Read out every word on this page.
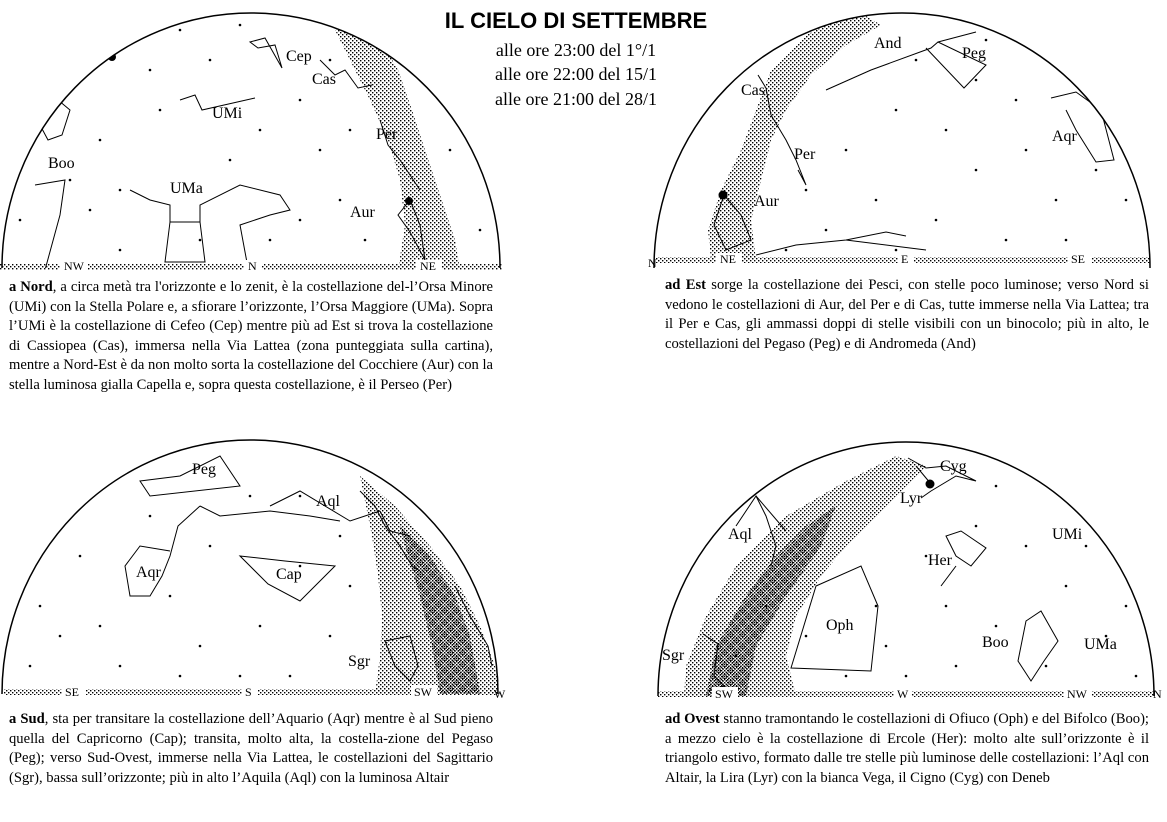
IL CIELO DI SETTEMBRE
alle ore 23:00 del 1°/1
alle ore 22:00 del 15/1
alle ore 21:00 del 28/1
Cep
Cas
UMi
Per
Boo
UMa
Aur
NW	N	NE
a Nord, a circa metà tra l'orizzonte e lo zenit, è la costellazione del-l’Orsa Minore (UMi) con la Stella Polare e, a sfiorare l’orizzonte, l’Orsa Maggiore (UMa). Sopra l’UMi è la costellazione di Cefeo (Cep) mentre più ad Est si trova la costellazione di Cassiopea (Cas), immersa nella Via Lattea (zona punteggiata sulla cartina), mentre a Nord-Est è da non molto sorta la costellazione del Cocchiere (Aur) con la stella luminosa gialla Capella e, sopra questa costellazione, è il Perseo (Per)
And
Peg
Cas
Aqr
Per
Aur
N	NE	E	SE
ad Est sorge la costellazione dei Pesci, con stelle poco luminose; verso Nord si vedono le costellazioni di Aur, del Per e di Cas, tutte immerse nella Via Lattea; tra il Per e Cas, gli ammassi doppi di stelle visibili con un binocolo; più in alto, le costellazioni del Pegaso (Peg) e di Andromeda (And)
Peg
Aql
Aqr	Cap
Sgr
SE	S	SW	W
a Sud, sta per transitare la costellazione dell’Aquario (Aqr) mentre è al Sud pieno quella del Capricorno (Cap); transita, molto alta, la costella-zione del Pegaso (Peg); verso Sud-Ovest, immerse nella Via Lattea, le costellazioni del Sagittario (Sgr), bassa sull’orizzonte; più in alto l’Aquila (Aql) con la luminosa Altair
Cyg
Lyr
Aql	UMi
Her
Oph
Sgr
Boo	UMa
SW	W	NW	N
ad Ovest stanno tramontando le costellazioni di Ofiuco (Oph) e del Bifolco (Boo); a mezzo cielo è la costellazione di Ercole (Her): molto alte sull’orizzonte è il triangolo estivo, formato dalle tre stelle più luminose delle costellazioni: l’Aql con Altair, la Lira (Lyr) con la bianca Vega, il Cigno (Cyg) con Deneb
